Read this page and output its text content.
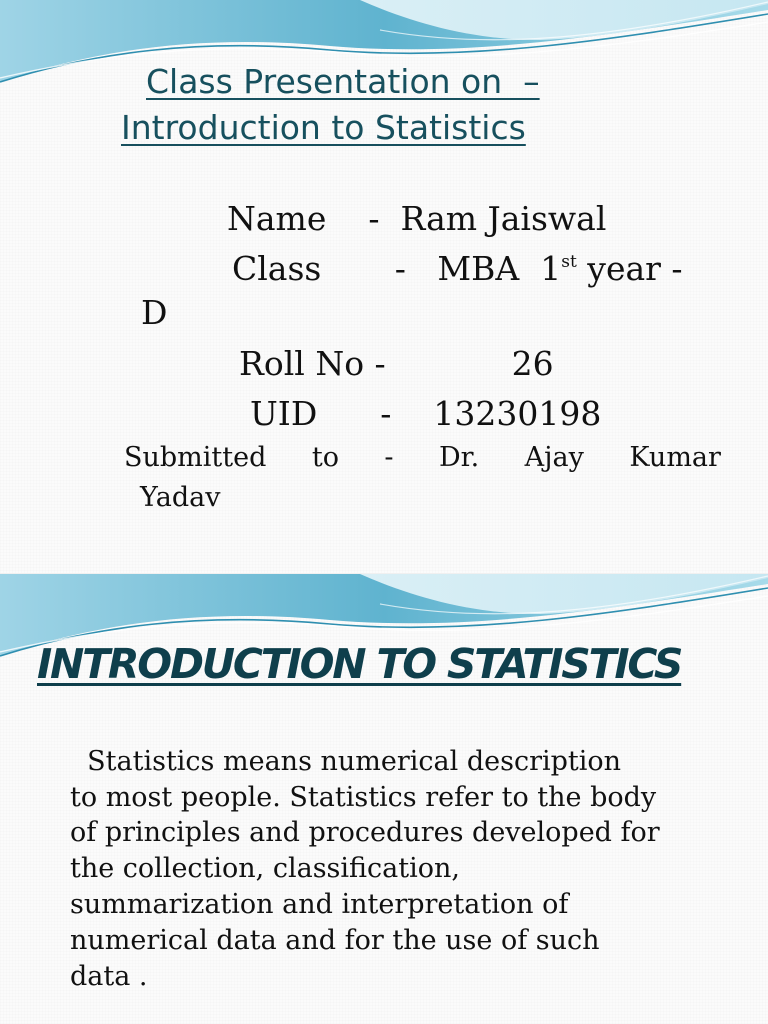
Class Presentation on  –
Introduction to Statistics

Name    -  Ram Jaiswal

Class       -   MBA  1st year -

D

Roll No -            26

UID      -    13230198

Submitted to - Dr. Ajay Kumar

Yadav

INTRODUCTION TO STATISTICS

Statistics means numerical description

to most people. Statistics refer to the body

of principles and procedures developed for

the collection, classification,

summarization and interpretation of

numerical data and for the use of such

data .
